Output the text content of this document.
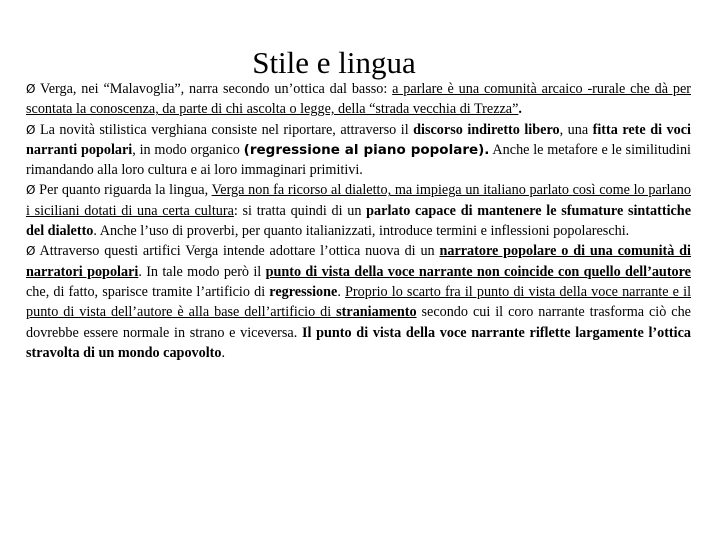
Stile e lingua

Ø Verga, nei “Malavoglia”, narra secondo un’ottica dal basso: a parlare è una comunità arcaico -rurale che dà per scontata la conoscenza, da parte di chi ascolta o legge, della “strada vecchia di Trezza”.

Ø La novità stilistica verghiana consiste nel riportare, attraverso il discorso indiretto libero, una fitta rete di voci narranti popolari, in modo organico (regressione al piano popolare). Anche le metafore e le similitudini rimandando alla loro cultura e ai loro immaginari primitivi.

Ø Per quanto riguarda la lingua, Verga non fa ricorso al dialetto, ma impiega un italiano parlato così come lo parlano i siciliani dotati di una certa cultura: si tratta quindi di un parlato capace di mantenere le sfumature sintattiche del dialetto. Anche l’uso di proverbi, per quanto italianizzati, introduce termini e inflessioni popolareschi.

Ø Attraverso questi artifici Verga intende adottare l’ottica nuova di un narratore popolare o di una comunità di narratori popolari. In tale modo però il punto di vista della voce narrante non coincide con quello dell’autore che, di fatto, sparisce tramite l’artificio di regressione. Proprio lo scarto fra il punto di vista della voce narrante e il punto di vista dell’autore è alla base dell’artificio di straniamento secondo cui il coro narrante trasforma ciò che dovrebbe essere normale in strano e viceversa. Il punto di vista della voce narrante riflette largamente l’ottica stravolta di un mondo capovolto.
